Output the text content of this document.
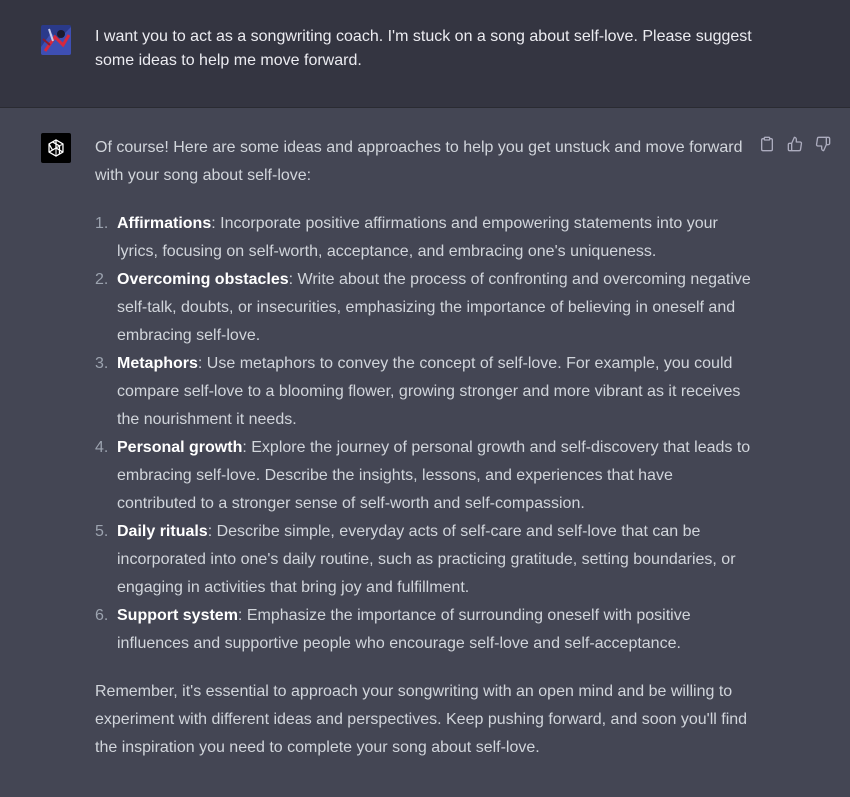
I want you to act as a songwriting coach. I'm stuck on a song about self-love. Please suggest some ideas to help me move forward.

Of course! Here are some ideas and approaches to help you get unstuck and move forward with your song about self-love:

1. Affirmations: Incorporate positive affirmations and empowering statements into your lyrics, focusing on self-worth, acceptance, and embracing one's uniqueness.
2. Overcoming obstacles: Write about the process of confronting and overcoming negative self-talk, doubts, or insecurities, emphasizing the importance of believing in oneself and embracing self-love.
3. Metaphors: Use metaphors to convey the concept of self-love. For example, you could compare self-love to a blooming flower, growing stronger and more vibrant as it receives the nourishment it needs.
4. Personal growth: Explore the journey of personal growth and self-discovery that leads to embracing self-love. Describe the insights, lessons, and experiences that have contributed to a stronger sense of self-worth and self-compassion.
5. Daily rituals: Describe simple, everyday acts of self-care and self-love that can be incorporated into one's daily routine, such as practicing gratitude, setting boundaries, or engaging in activities that bring joy and fulfillment.
6. Support system: Emphasize the importance of surrounding oneself with positive influences and supportive people who encourage self-love and self-acceptance.

Remember, it's essential to approach your songwriting with an open mind and be willing to experiment with different ideas and perspectives. Keep pushing forward, and soon you'll find the inspiration you need to complete your song about self-love.
